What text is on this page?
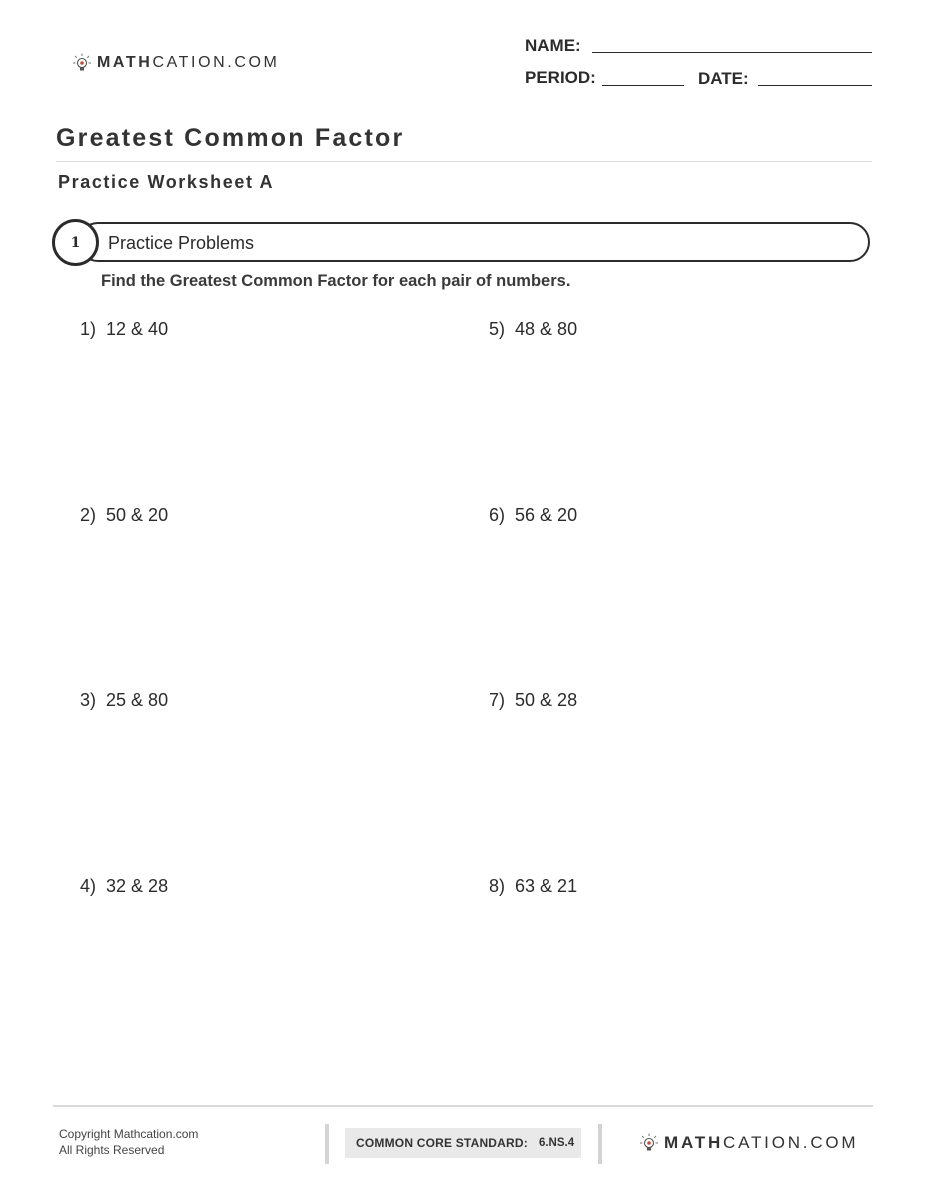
MATHCATION.COM
NAME:
PERIOD:	DATE:
Greatest Common Factor
Practice Worksheet A
1	Practice Problems
Find the Greatest Common Factor for each pair of numbers.
1) 12 & 40
2) 50 & 20
3) 25 & 80
4) 32 & 28
5) 48 & 80
6) 56 & 20
7) 50 & 28
8) 63 & 21
Copyright Mathcation.com
All Rights Reserved	COMMON CORE STANDARD: 6.NS.4	MATHCATION.COM
